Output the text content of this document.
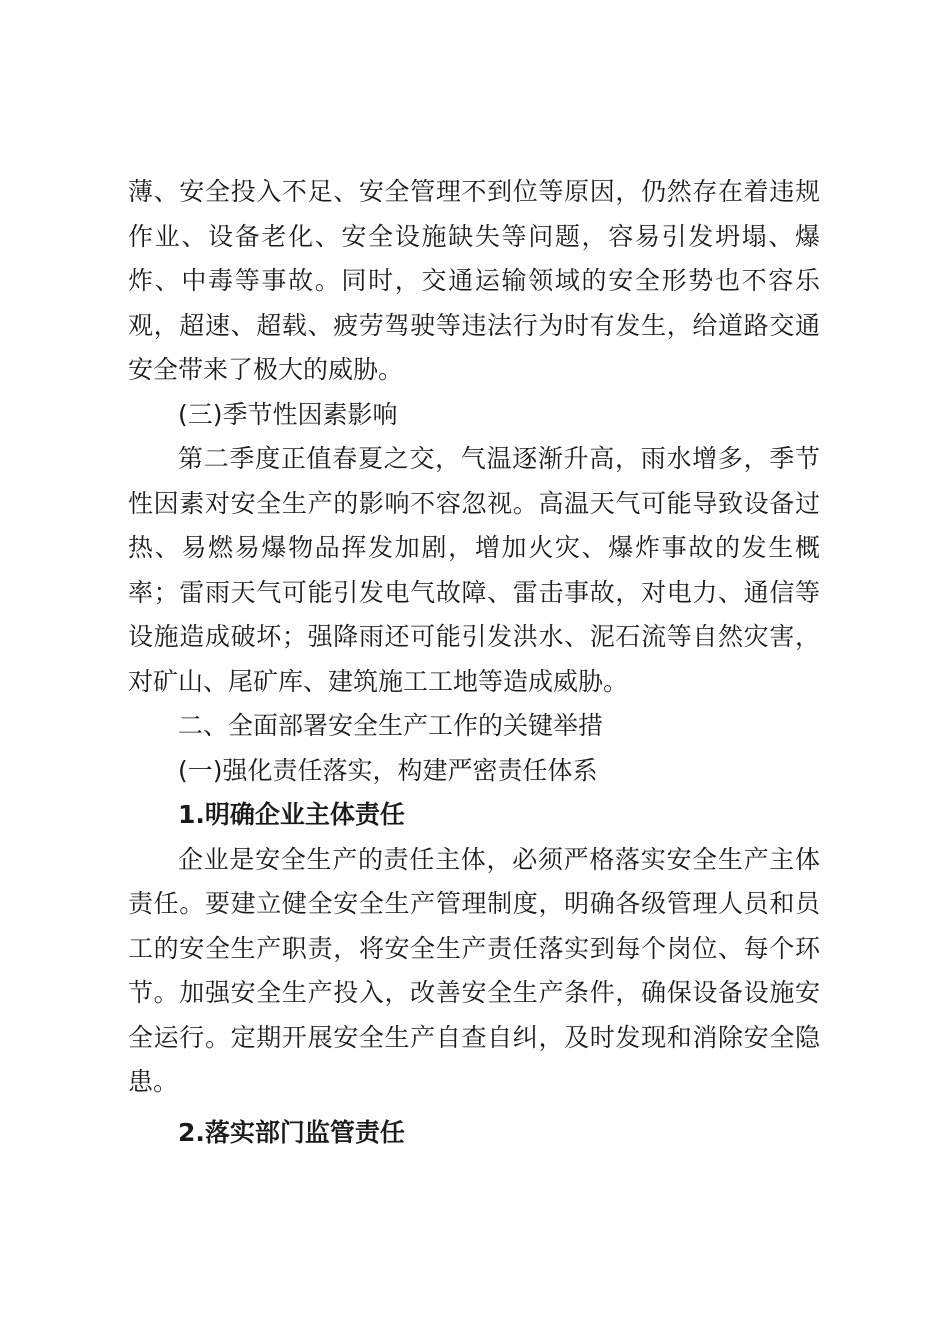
薄、安全投入不足、安全管理不到位等原因，仍然存在着违规作业、设备老化、安全设施缺失等问题，容易引发坍塌、爆炸、中毒等事故。同时，交通运输领域的安全形势也不容乐观，超速、超载、疲劳驾驶等违法行为时有发生，给道路交通安全带来了极大的威胁。

(三)季节性因素影响

第二季度正值春夏之交，气温逐渐升高，雨水增多，季节性因素对安全生产的影响不容忽视。高温天气可能导致设备过热、易燃易爆物品挥发加剧，增加火灾、爆炸事故的发生概率；雷雨天气可能引发电气故障、雷击事故，对电力、通信等设施造成破坏；强降雨还可能引发洪水、泥石流等自然灾害，对矿山、尾矿库、建筑施工工地等造成威胁。

二、全面部署安全生产工作的关键举措

(一)强化责任落实，构建严密责任体系

1.明确企业主体责任

企业是安全生产的责任主体，必须严格落实安全生产主体责任。要建立健全安全生产管理制度，明确各级管理人员和员工的安全生产职责，将安全生产责任落实到每个岗位、每个环节。加强安全生产投入，改善安全生产条件，确保设备设施安全运行。定期开展安全生产自查自纠，及时发现和消除安全隐患。

2.落实部门监管责任
